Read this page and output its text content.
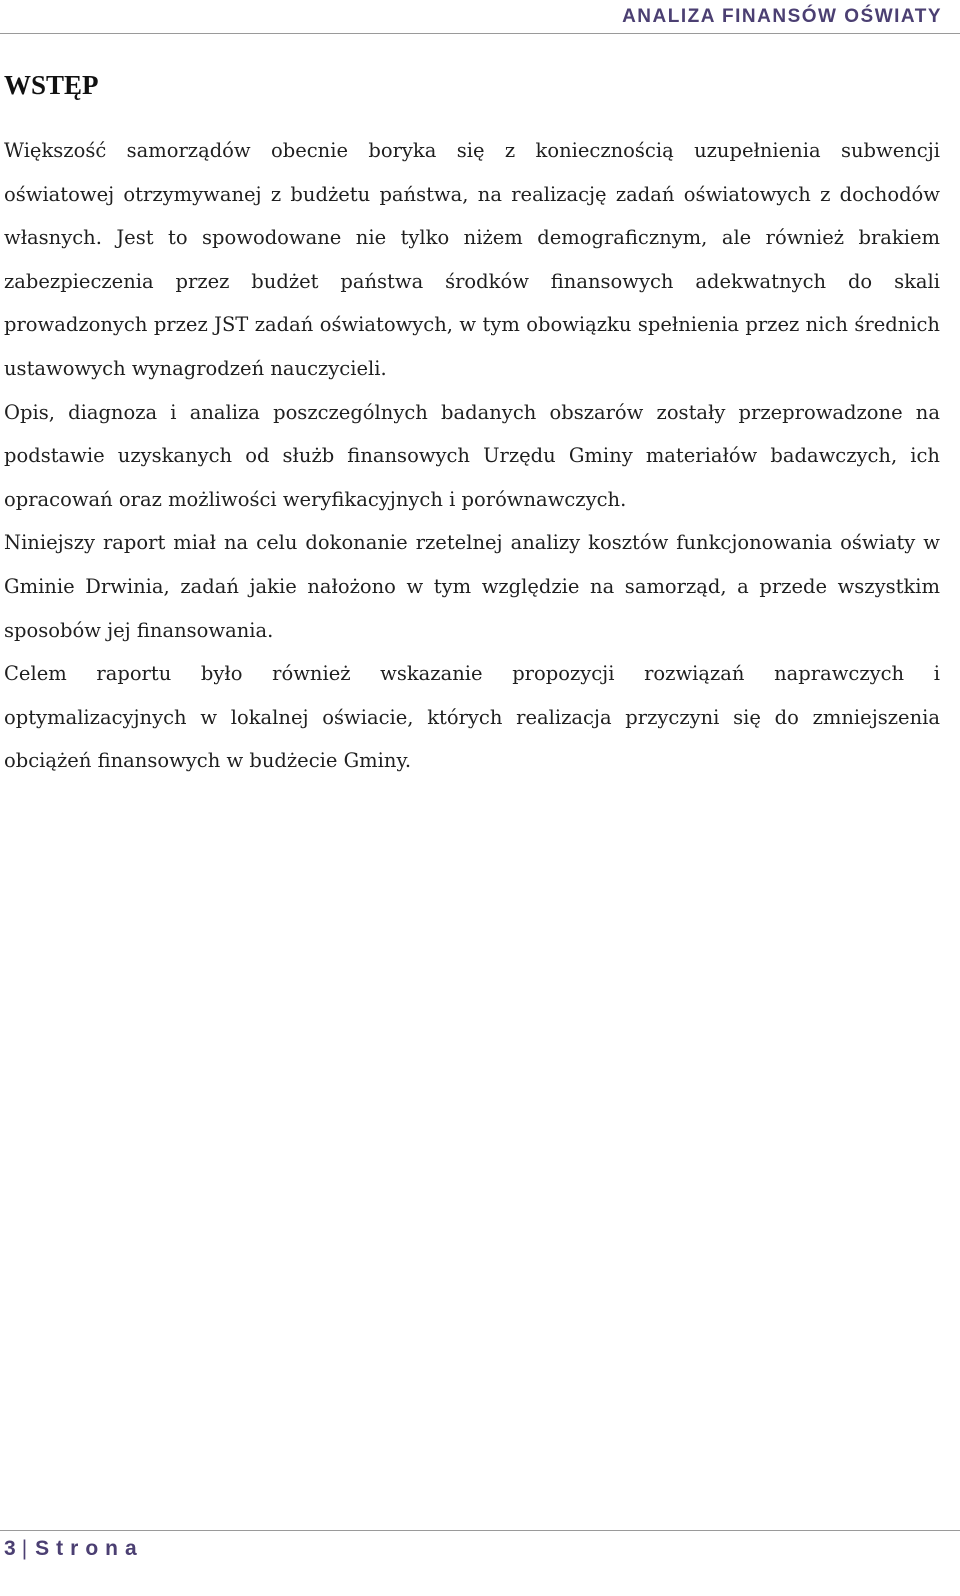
ANALIZA FINANSÓW OŚWIATY
WSTĘP

Większość samorządów obecnie boryka się z koniecznością uzupełnienia subwencji oświatowej otrzymywanej z budżetu państwa, na realizację zadań oświatowych z dochodów własnych. Jest to spowodowane nie tylko niżem demograficznym, ale również brakiem zabezpieczenia przez budżet państwa środków finansowych adekwatnych do skali prowadzonych przez JST zadań oświatowych, w tym obowiązku spełnienia przez nich średnich ustawowych wynagrodzeń nauczycieli.

Opis, diagnoza i analiza poszczególnych badanych obszarów zostały przeprowadzone na podstawie uzyskanych od służb finansowych Urzędu Gminy materiałów badawczych, ich opracowań oraz możliwości weryfikacyjnych i porównawczych.

Niniejszy raport miał na celu dokonanie rzetelnej analizy kosztów funkcjonowania oświaty w Gminie Drwinia, zadań jakie nałożono w tym względzie na samorząd, a przede wszystkim sposobów jej finansowania.

Celem raportu było również wskazanie propozycji rozwiązań naprawczych i optymalizacyjnych w lokalnej oświacie, których realizacja przyczyni się do zmniejszenia obciążeń finansowych w budżecie Gminy.

3 | Strona
